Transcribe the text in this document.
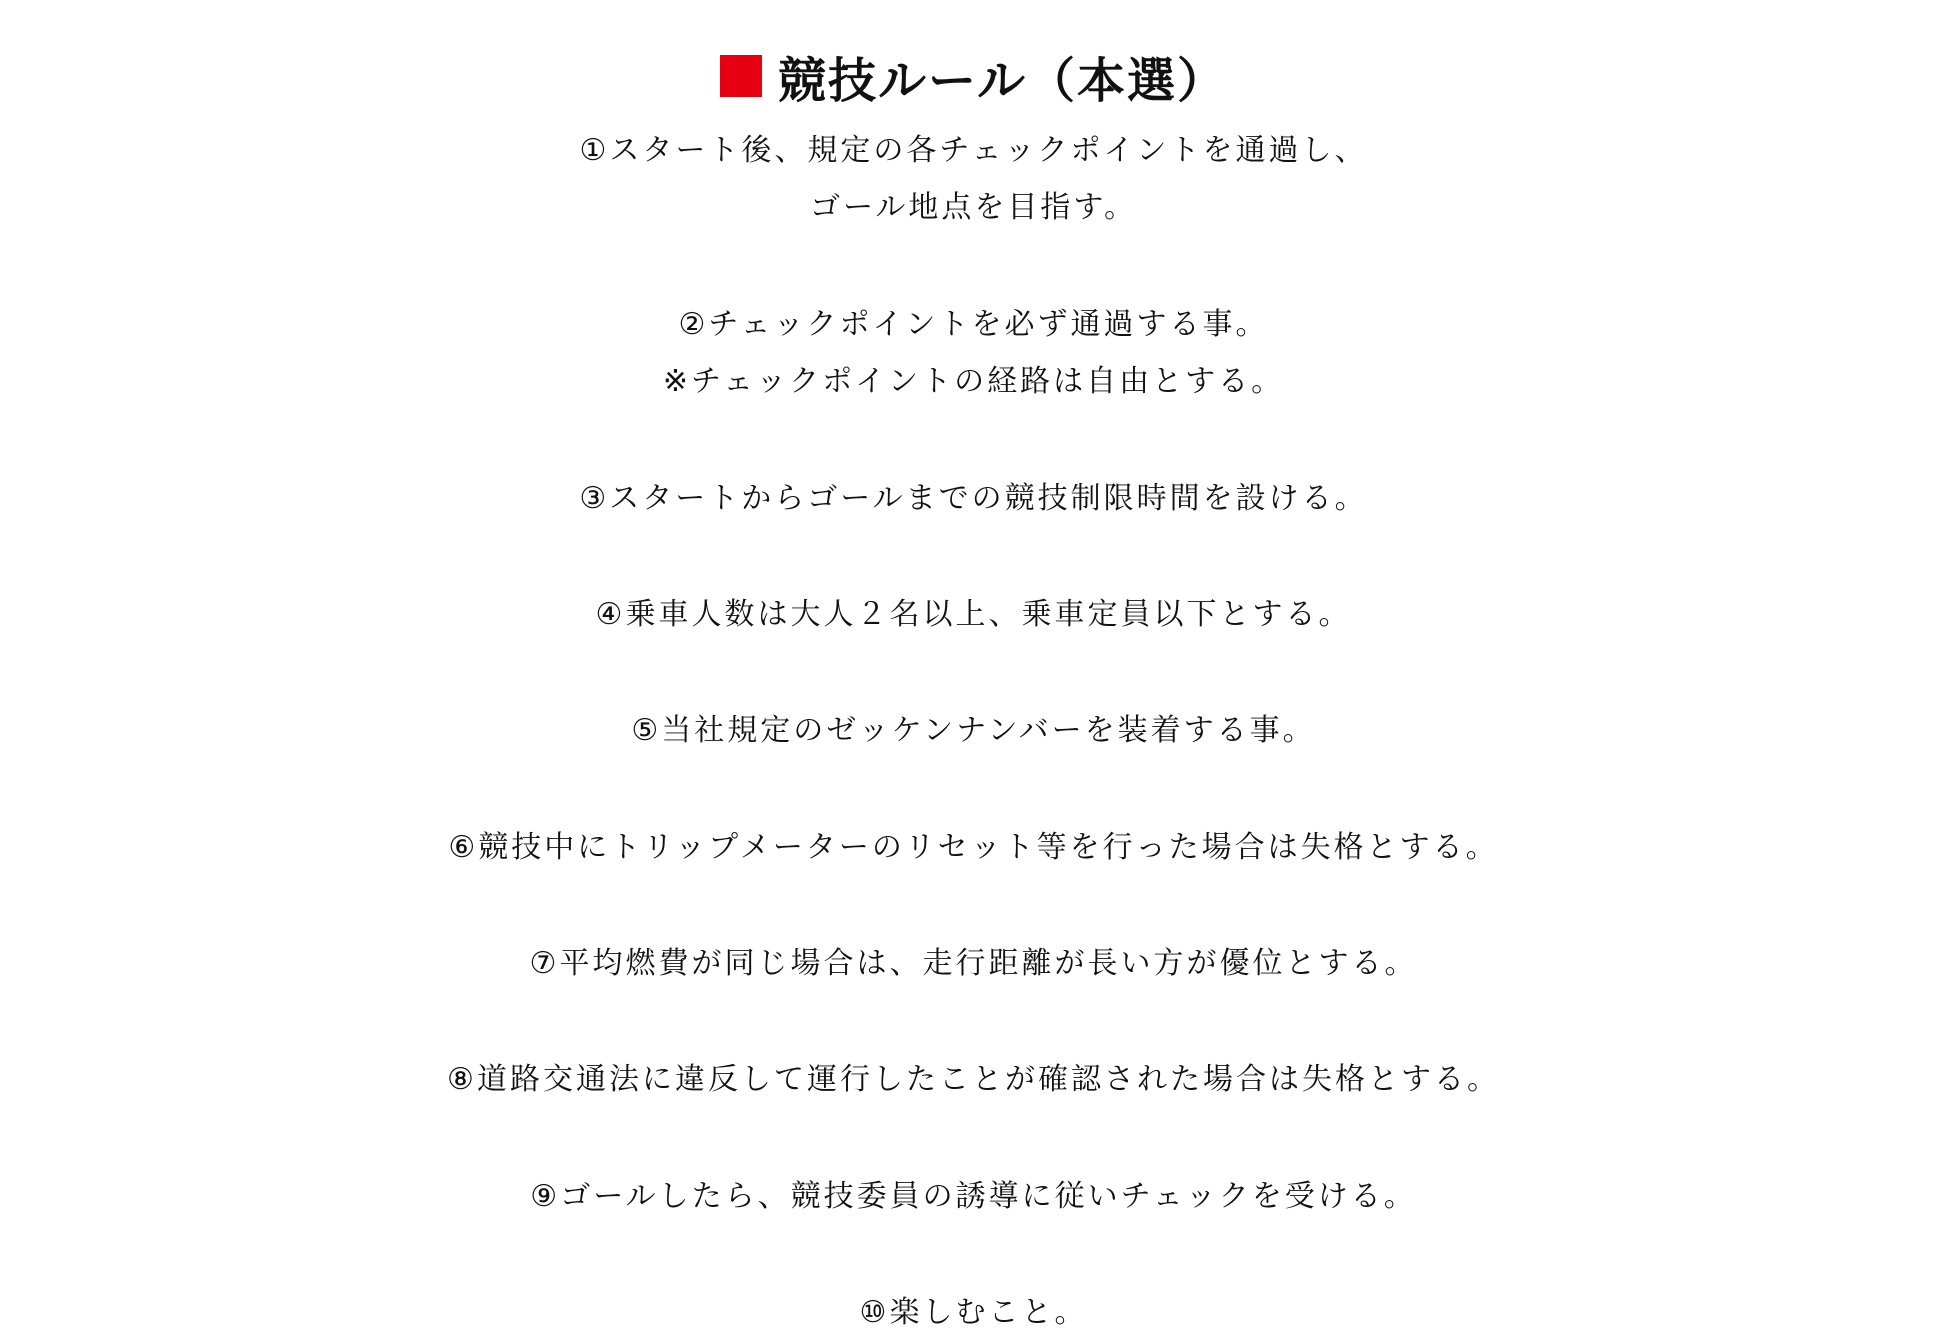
競技ルール（本選）
①スタート後、規定の各チェックポイントを通過し、
ゴール地点を目指す。
②チェックポイントを必ず通過する事。
※チェックポイントの経路は自由とする。
③スタートからゴールまでの競技制限時間を設ける。
④乗車人数は大人２名以上、乗車定員以下とする。
⑤当社規定のゼッケンナンバーを装着する事。
⑥競技中にトリップメーターのリセット等を行った場合は失格とする。
⑦平均燃費が同じ場合は、走行距離が長い方が優位とする。
⑧道路交通法に違反して運行したことが確認された場合は失格とする。
⑨ゴールしたら、競技委員の誘導に従いチェックを受ける。
⑩楽しむこと。
